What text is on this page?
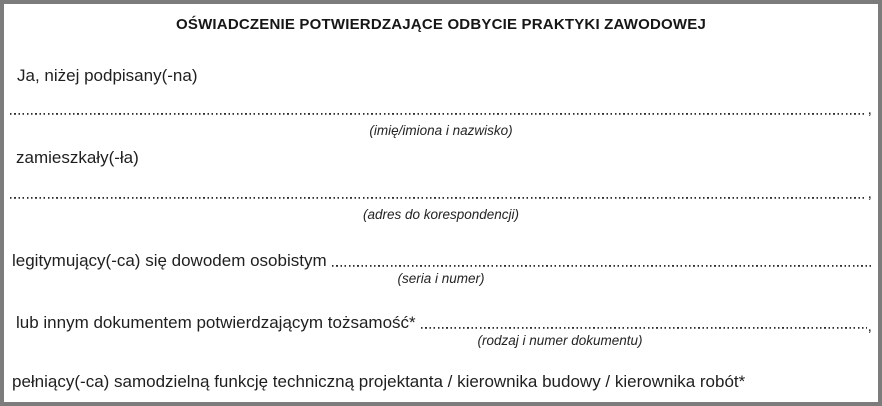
OŚWIADCZENIE POTWIERDZAJĄCE ODBYCIE PRAKTYKI ZAWODOWEJ
Ja, niżej podpisany(-na)
,
(imię/imiona i nazwisko)
zamieszkały(-ła)
,
(adres do korespondencji)
legitymujący(-ca) się dowodem osobistym
(seria i numer)
lub innym dokumentem potwierdzającym tożsamość*	,
(rodzaj i numer dokumentu)
pełniący(-ca) samodzielną funkcję techniczną projektanta / kierownika budowy / kierownika robót*
